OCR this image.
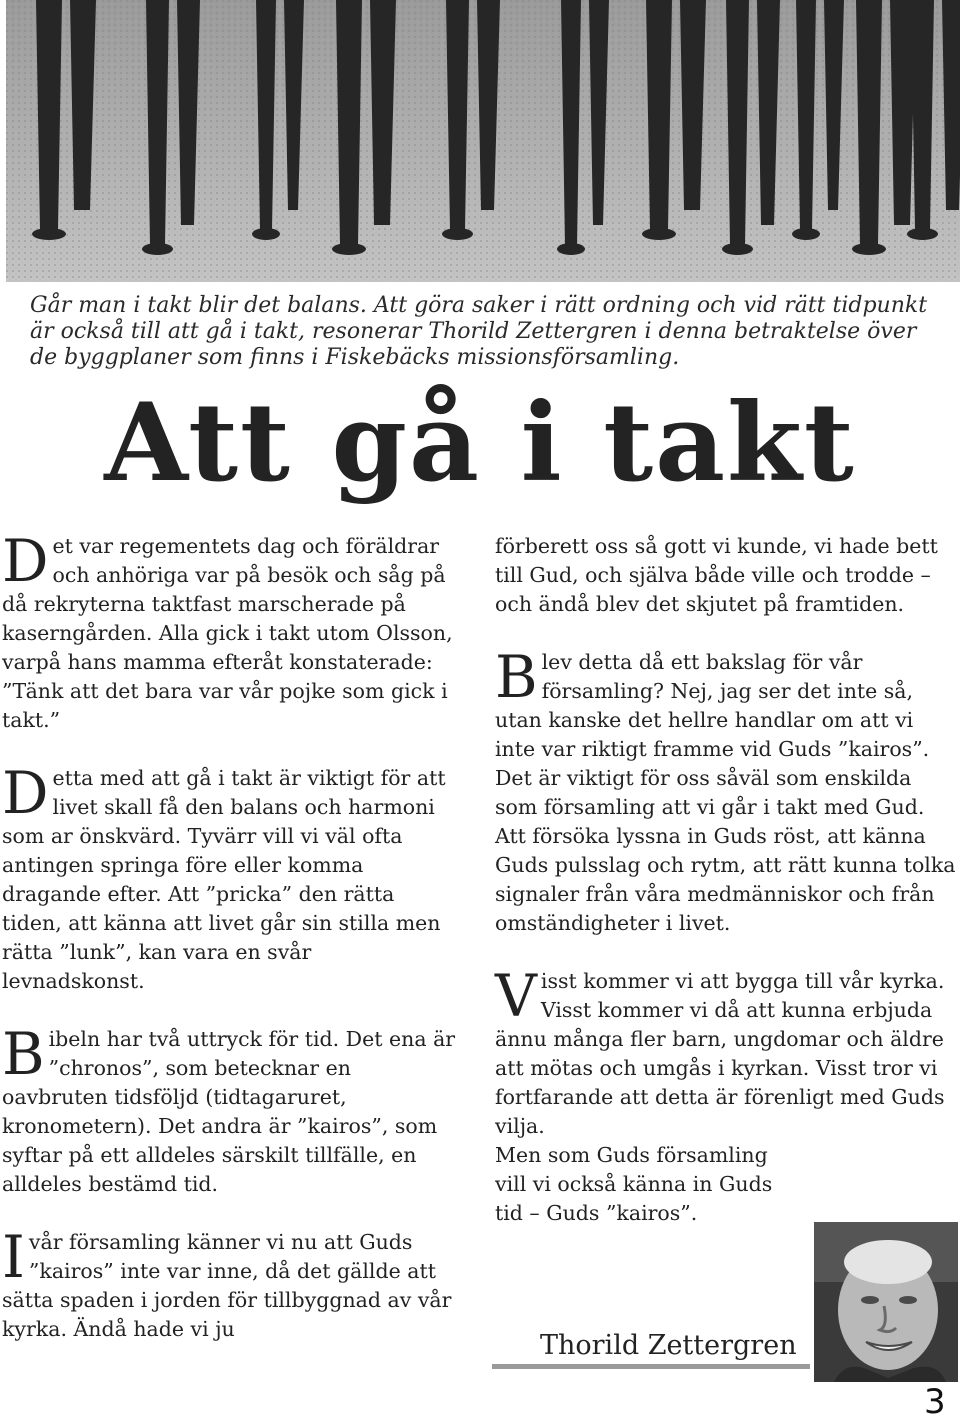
Går man i takt blir det balans. Att göra saker i rätt ordning och vid rätt tidpunkt är också till att gå i takt, resonerar Thorild Zettergren i denna betraktelse över de byggplaner som finns i Fiskebäcks missionsförsamling.

Att gå i takt

Det var regementets dag och föräldrar och anhöriga var på besök och såg på då rekryterna taktfast marscherade på kaserngården. Alla gick i takt utom Olsson, varpå hans mamma efteråt konstaterade: ”Tänk att det bara var vår pojke som gick i takt.”

Detta med att gå i takt är viktigt för att livet skall få den balans och harmoni som ar önskvärd. Tyvärr vill vi väl ofta antingen springa före eller komma dragande efter. Att ”pricka” den rätta tiden, att känna att livet går sin stilla men rätta ”lunk”, kan vara en svår levnadskonst.

Bibeln har två uttryck för tid. Det ena är ”chronos”, som betecknar en oavbruten tidsföljd (tidtagaruret, kronometern). Det andra är ”kairos”, som syftar på ett alldeles särskilt tillfälle, en alldeles bestämd tid.

I vår församling känner vi nu att Guds ”kairos” inte var inne, då det gällde att sätta spaden i jorden för tillbyggnad av vår kyrka. Ändå hade vi ju

förberett oss så gott vi kunde, vi hade bett till Gud, och själva både ville och trodde – och ändå blev det skjutet på framtiden.

Blev detta då ett bakslag för vår församling? Nej, jag ser det inte så, utan kanske det hellre handlar om att vi inte var riktigt framme vid Guds ”kairos”. Det är viktigt för oss såväl som enskilda som församling att vi går i takt med Gud. Att försöka lyssna in Guds röst, att känna Guds pulsslag och rytm, att rätt kunna tolka signaler från våra medmänniskor och från omständigheter i livet.

Visst kommer vi att bygga till vår kyrka. Visst kommer vi då att kunna erbjuda ännu många fler barn, ungdomar och äldre att mötas och umgås i kyrkan. Visst tror vi fortfarande att detta är förenligt med Guds vilja.

Men som Guds församling vill vi också känna in Guds tid – Guds ”kairos”.

Thorild Zettergren
3
